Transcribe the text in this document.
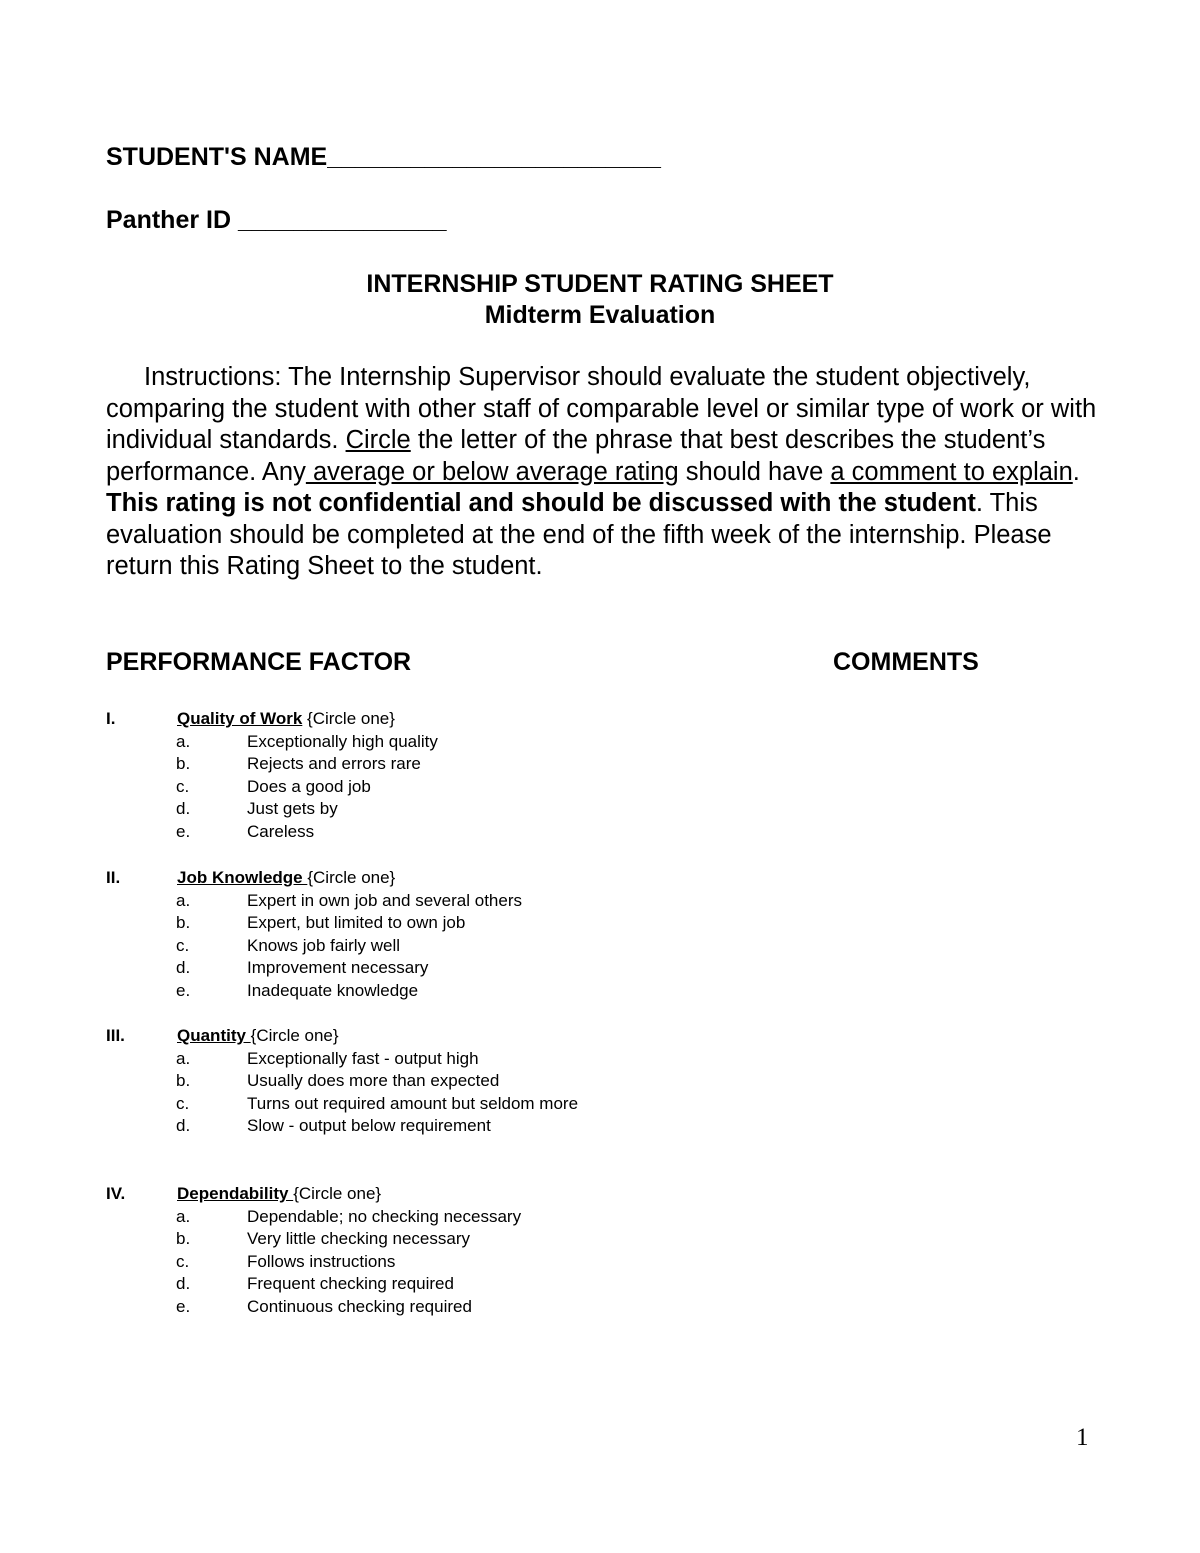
STUDENT'S NAME________________________
Panther ID _______________
INTERNSHIP STUDENT RATING SHEET
Midterm Evaluation

Instructions: The Internship Supervisor should evaluate the student objectively, comparing the student with other staff of comparable level or similar type of work or with individual standards. Circle the letter of the phrase that best describes the student’s performance. Any average or below average rating should have a comment to explain. This rating is not confidential and should be discussed with the student. This evaluation should be completed at the end of the fifth week of the internship. Please return this Rating Sheet to the student.

PERFORMANCE FACTOR	COMMENTS
I.	Quality of Work {Circle one}
a.	Exceptionally high quality
b.	Rejects and errors rare
c.	Does a good job
d.	Just gets by
e.	Careless
II.	Job Knowledge {Circle one}
a.	Expert in own job and several others
b.	Expert, but limited to own job
c.	Knows job fairly well
d.	Improvement necessary
e.	Inadequate knowledge
III.	Quantity {Circle one}
a.	Exceptionally fast - output high
b.	Usually does more than expected
c.	Turns out required amount but seldom more
d.	Slow - output below requirement
IV.	Dependability {Circle one}
a.	Dependable; no checking necessary
b.	Very little checking necessary
c.	Follows instructions
d.	Frequent checking required
e.	Continuous checking required
1
